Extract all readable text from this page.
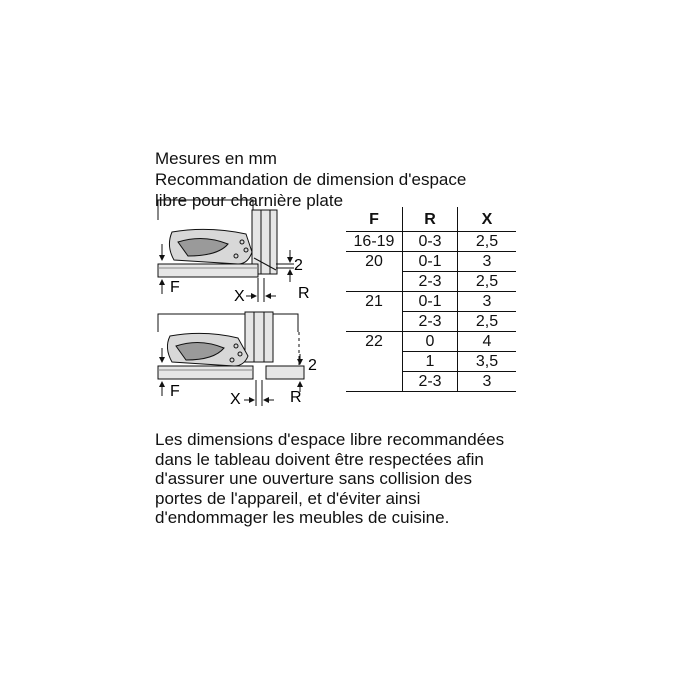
Mesures en mm
Recommandation de dimension d'espace
libre pour charnière plate
F
X	R
2
F	X	R
2
F	R	X
16-19	0-3	2,5
20	0-1	3
	2-3	2,5
21	0-1	3
	2-3	2,5
22	0	4
	1	3,5
	2-3	3
Les dimensions d'espace libre recommandées
dans le tableau doivent être respectées afin
d'assurer une ouverture sans collision des
portes de l'appareil, et d'éviter ainsi
d'endommager les meubles de cuisine.
